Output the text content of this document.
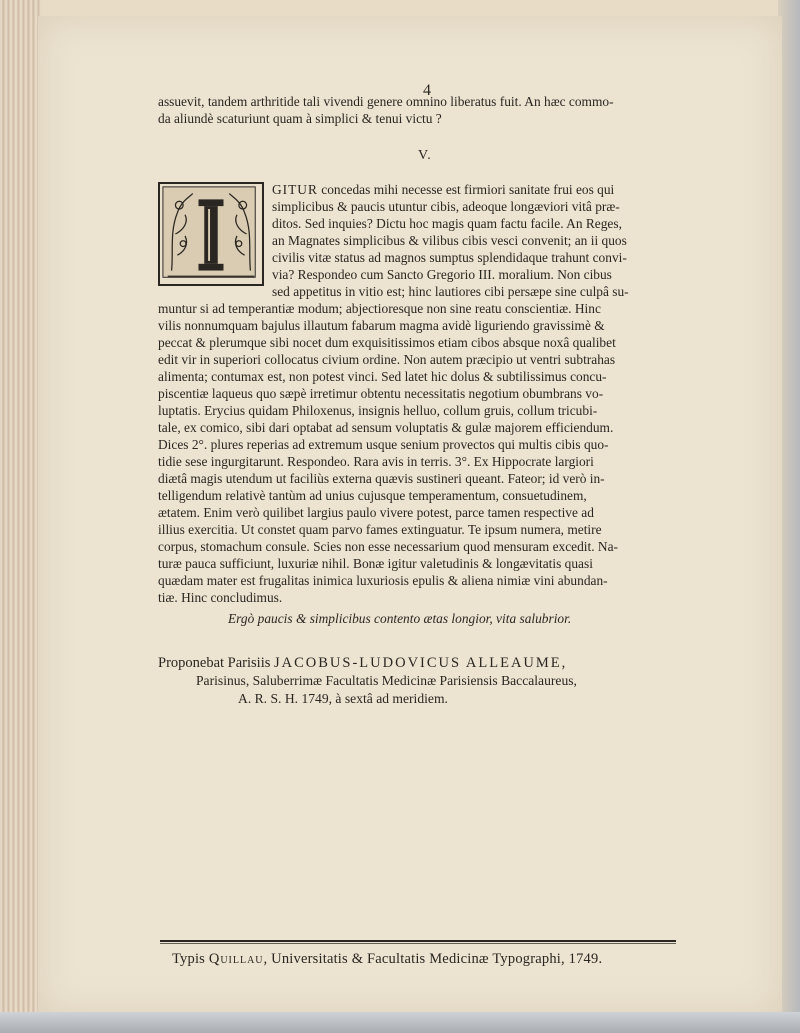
4
assuevit, tandem arthritide tali vivendi genere omnino liberatus fuit. An hæc commo-
da aliundè scaturiunt quam à simplici & tenui victu ?
V.
GITUR concedas mihi necesse est firmiori sanitate frui eos qui
simplicibus & paucis utuntur cibis, adeoque longæviori vitâ præ-
ditos. Sed inquies? Dictu hoc magis quam factu facile. An Reges,
an Magnates simplicibus & vilibus cibis vesci convenit; an ii quos
civilis vitæ status ad magnos sumptus splendidaque trahunt convi-
via? Respondeo cum Sancto Gregorio III. moralium. Non cibus
sed appetitus in vitio est; hinc lautiores cibi persæpe sine culpâ su-
muntur si ad temperantiæ modum; abjectioresque non sine reatu conscientiæ. Hinc
vilis nonnumquam bajulus illautum fabarum magma avidè liguriendo gravissimè &
peccat & plerumque sibi nocet dum exquisitissimos etiam cibos absque noxâ qualibet
edit vir in superiori collocatus civium ordine. Non autem præcipio ut ventri subtrahas
alimenta; contumax est, non potest vinci. Sed latet hic dolus & subtilissimus concu-
piscentiæ laqueus quo sæpè irretimur obtentu necessitatis negotium obumbrans vo-
luptatis. Erycius quidam Philoxenus, insignis helluo, collum gruis, collum tricubi-
tale, ex comico, sibi dari optabat ad sensum voluptatis & gulæ majorem efficiendum.
Dices 2°. plures reperias ad extremum usque senium provectos qui multis cibis quo-
tidie sese ingurgitarunt. Respondeo. Rara avis in terris. 3°. Ex Hippocrate largiori
diætâ magis utendum ut faciliùs externa quævis sustineri queant. Fateor; id verò in-
telligendum relativè tantùm ad unius cujusque temperamentum, consuetudinem,
ætatem. Enim verò quilibet largius paulo vivere potest, parce tamen respective ad
illius exercitia. Ut constet quam parvo fames extinguatur. Te ipsum numera, metire
corpus, stomachum consule. Scies non esse necessarium quod mensuram excedit. Na-
turæ pauca sufficiunt, luxuriæ nihil. Bonæ igitur valetudinis & longævitatis quasi
quædam mater est frugalitas inimica luxuriosis epulis & aliena nimiæ vini abundan-
tiæ. Hinc concludimus.
Ergò paucis & simplicibus contento ætas longior, vita salubrior.
Proponebat Parisiis JACOBUS-LUDOVICUS ALLEAUME,
Parisinus, Saluberrimæ Facultatis Medicinæ Parisiensis Baccalaureus,
A. R. S. H. 1749, à sextâ ad meridiem.
Typis Quillau, Universitatis & Facultatis Medicinæ Typographi, 1749.
